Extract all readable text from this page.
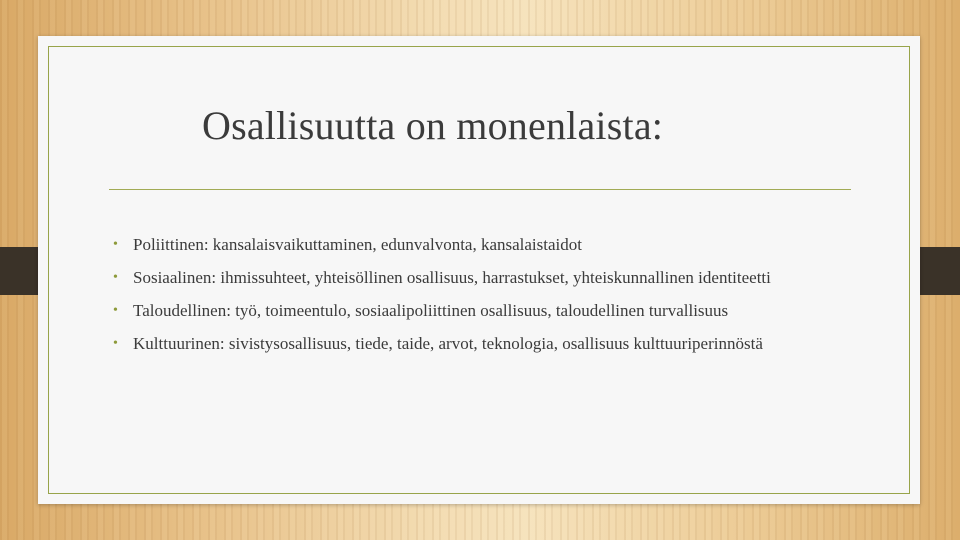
Osallisuutta on monenlaista:
• Poliittinen: kansalaisvaikuttaminen, edunvalvonta, kansalaistaidot
• Sosiaalinen: ihmissuhteet, yhteisöllinen osallisuus, harrastukset, yhteiskunnallinen identiteetti
• Taloudellinen: työ, toimeentulo, sosiaalipoliittinen osallisuus, taloudellinen turvallisuus
• Kulttuurinen: sivistysosallisuus, tiede, taide, arvot, teknologia, osallisuus kulttuuriperinnöstä
